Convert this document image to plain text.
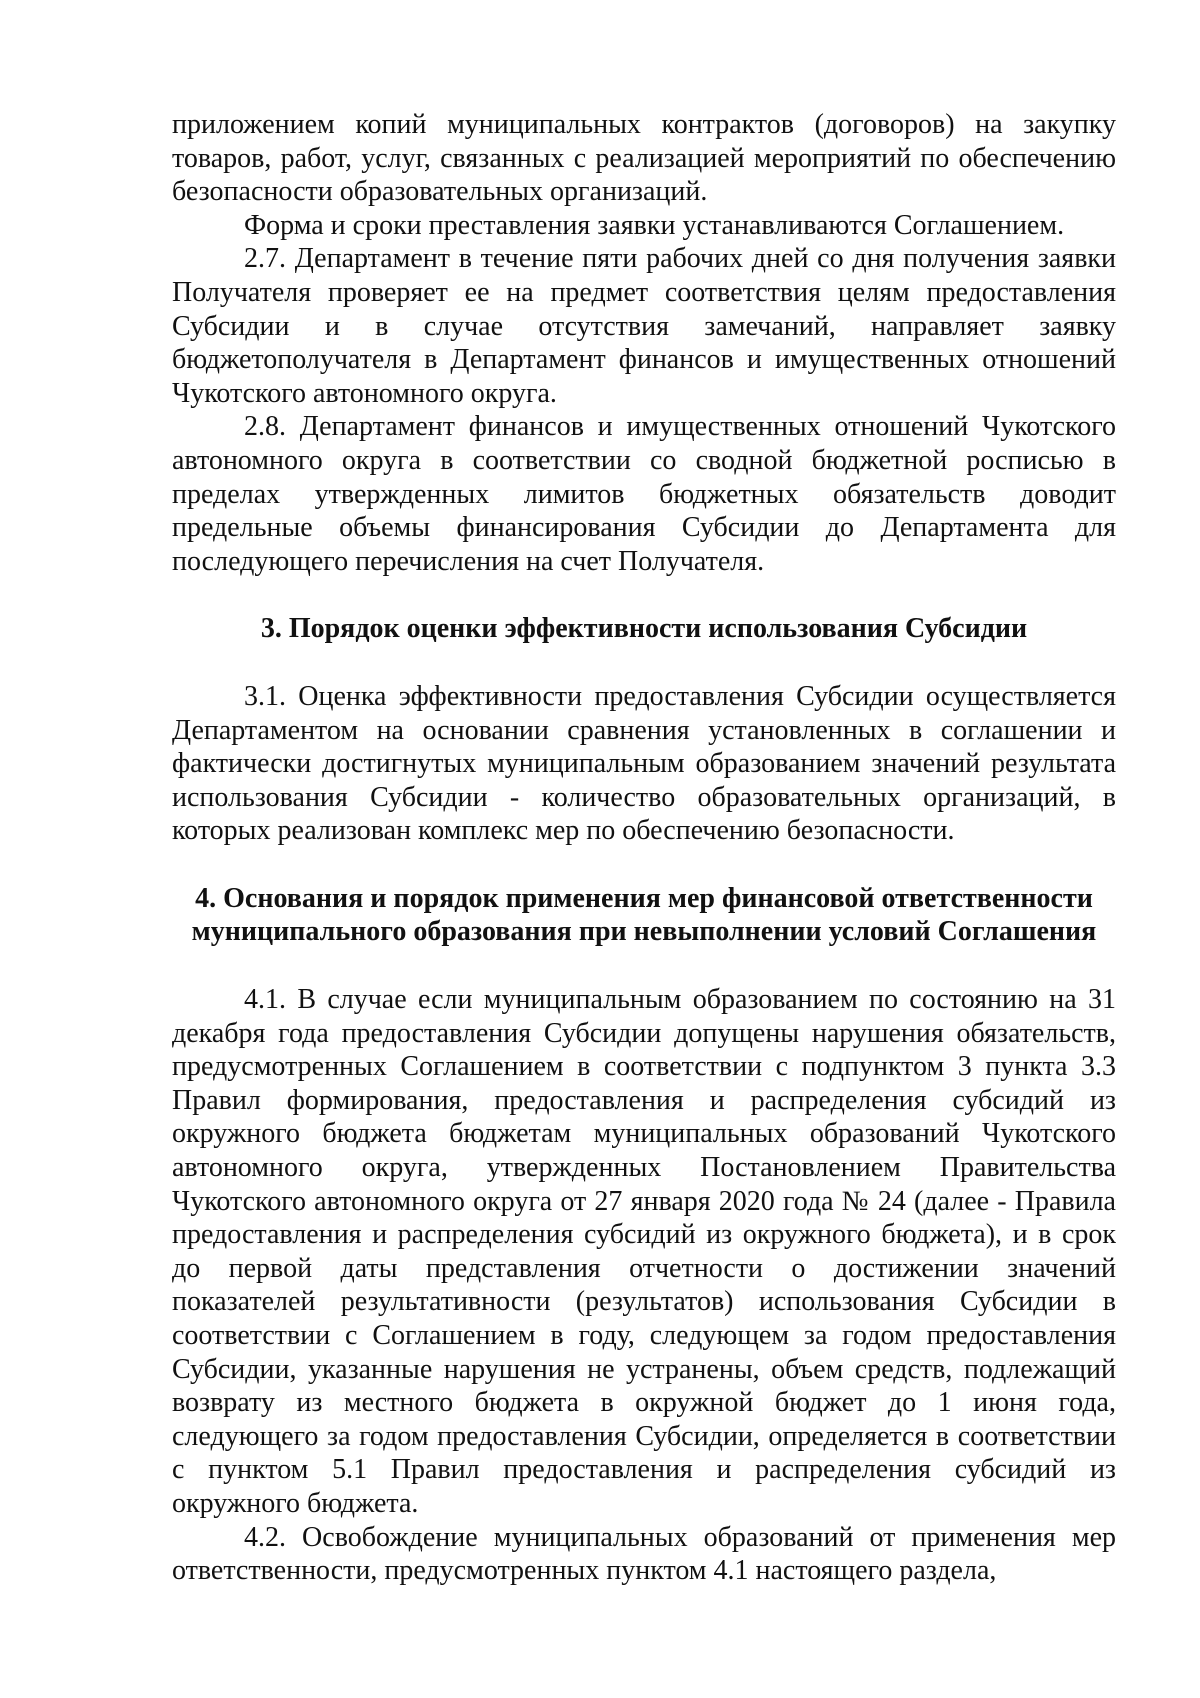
приложением копий муниципальных контрактов (договоров) на закупку товаров, работ, услуг, связанных с реализацией мероприятий по обеспечению безопасности образовательных организаций.

Форма и сроки преставления заявки устанавливаются Соглашением.

2.7. Департамент в течение пяти рабочих дней со дня получения заявки Получателя проверяет ее на предмет соответствия целям предоставления Субсидии и в случае отсутствия замечаний, направляет заявку бюджетополучателя в Департамент финансов и имущественных отношений Чукотского автономного округа.

2.8. Департамент финансов и имущественных отношений Чукотского автономного округа в соответствии со сводной бюджетной росписью в пределах утвержденных лимитов бюджетных обязательств доводит предельные объемы финансирования Субсидии до Департамента для последующего перечисления на счет Получателя.

3. Порядок оценки эффективности использования Субсидии

3.1. Оценка эффективности предоставления Субсидии осуществляется Департаментом на основании сравнения установленных в соглашении и фактически достигнутых муниципальным образованием значений результата использования Субсидии - количество образовательных организаций, в которых реализован комплекс мер по обеспечению безопасности.

4. Основания и порядок применения мер финансовой ответственности
муниципального образования при невыполнении условий Соглашения

4.1. В случае если муниципальным образованием по состоянию на 31 декабря года предоставления Субсидии допущены нарушения обязательств, предусмотренных Соглашением в соответствии с подпунктом 3 пункта 3.3 Правил формирования, предоставления и распределения субсидий из окружного бюджета бюджетам муниципальных образований Чукотского автономного округа, утвержденных Постановлением Правительства Чукотского автономного округа от 27 января 2020 года № 24 (далее - Правила предоставления и распределения субсидий из окружного бюджета), и в срок до первой даты представления отчетности о достижении значений показателей результативности (результатов) использования Субсидии в соответствии с Соглашением в году, следующем за годом предоставления Субсидии, указанные нарушения не устранены, объем средств, подлежащий возврату из местного бюджета в окружной бюджет до 1 июня года, следующего за годом предоставления Субсидии, определяется в соответствии с пунктом 5.1 Правил предоставления и распределения субсидий из окружного бюджета.

4.2. Освобождение муниципальных образований от применения мер ответственности, предусмотренных пунктом 4.1 настоящего раздела,
